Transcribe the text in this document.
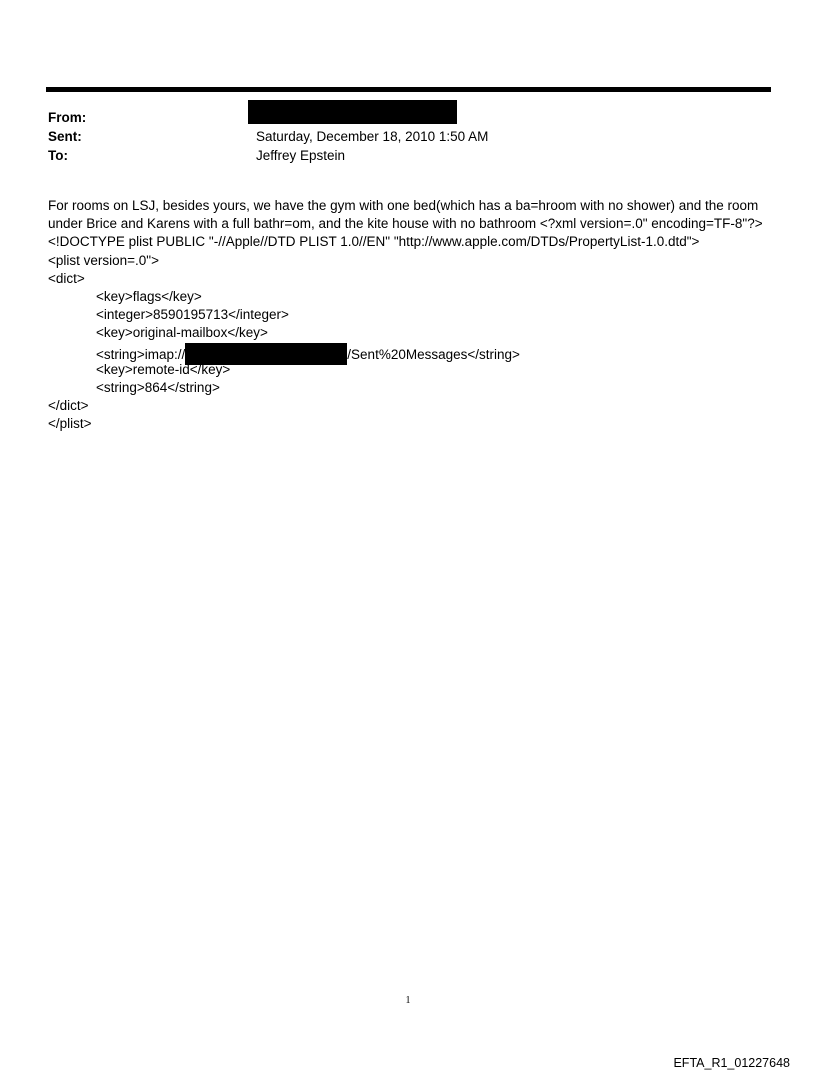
From:
Sent:	Saturday, December 18, 2010 1:50 AM
To:	Jeffrey Epstein
For rooms on LSJ, besides yours, we have the gym with one bed(which has a ba=hroom with no shower) and the room
under Brice and Karens with a full bathr=om, and the kite house with no bathroom <?xml version=.0" encoding=TF-8"?>
<!DOCTYPE plist PUBLIC "-//Apple//DTD PLIST 1.0//EN" "http://www.apple.com/DTDs/PropertyList-1.0.dtd">
<plist version=.0">
<dict>
<key>flags</key>
<integer>8590195713</integer>
<key>original-mailbox</key>
<string>imap://	/Sent%20Messages</string>
<key>remote-id</key>
<string>864</string>
</dict>
</plist>
1
EFTA_R1_01227648
